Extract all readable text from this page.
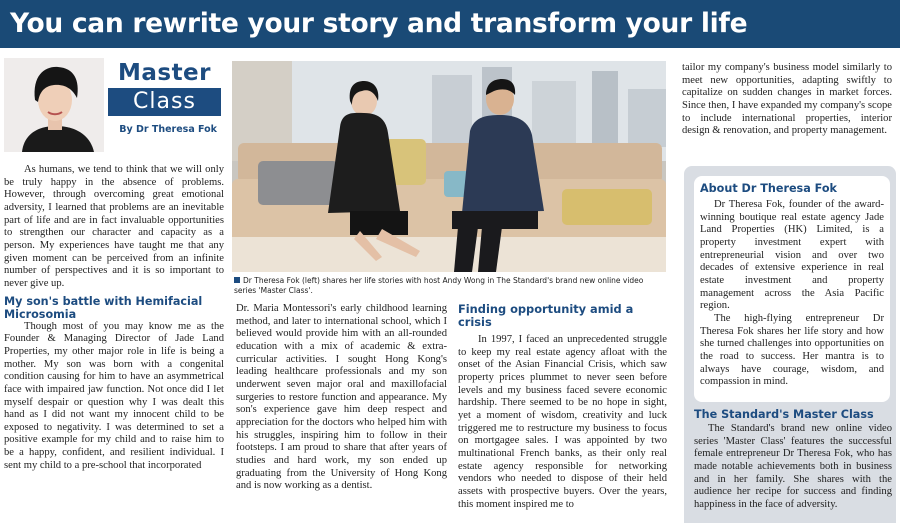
You can rewrite your story and transform your life
Master
Class
By Dr Theresa Fok

As humans, we tend to think that we will only be truly happy in the absence of problems. However, through overcoming great emotional adversity, I learned that problems are an inevitable part of life and are in fact invaluable opportunities to strengthen our character and capacity as a person. My experiences have taught me that any given moment can be perceived from an infinite number of perspectives and it is so important to never give up.

My son's battle with Hemifacial Microsomia

Though most of you may know me as the Founder & Managing Director of Jade Land Properties, my other major role in life is being a mother. My son was born with a congenital condition causing for him to have an asymmetrical face with impaired jaw function. Not once did I let myself despair or question why I was dealt this hand as I did not want my innocent child to be exposed to negativity. I was determined to set a positive example for my child and to raise him to be a happy, confident, and resilient individual. I sent my child to a pre-school that incorporated

Dr Theresa Fok (left) shares her life stories with host Andy Wong in The Standard's brand new online video series 'Master Class'.

Dr. Maria Montessori's early childhood learning method, and later to international school, which I believed would provide him with an all-rounded education with a mix of academic & extra-curricular activities. I sought Hong Kong's leading healthcare professionals and my son underwent seven major oral and maxillofacial surgeries to restore function and appearance. My son's experience gave him deep respect and appreciation for the doctors who helped him with his struggles, inspiring him to follow in their footsteps. I am proud to share that after years of studies and hard work, my son ended up graduating from the University of Hong Kong and is now working as a dentist.

Finding opportunity amid a crisis

In 1997, I faced an unprecedented struggle to keep my real estate agency afloat with the onset of the Asian Financial Crisis, which saw property prices plummet to never seen before levels and my business faced severe economic hardship. There seemed to be no hope in sight, yet a moment of wisdom, creativity and luck triggered me to restructure my business to focus on mortgagee sales. I was appointed by two multinational French banks, as their only real estate agency responsible for networking vendors who needed to dispose of their held assets with prospective buyers. Over the years, this moment inspired me to

tailor my company's business model similarly to meet new opportunities, adapting swiftly to capitalize on sudden changes in market forces. Since then, I have expanded my company's scope to include international properties, interior design & renovation, and property management.

About Dr Theresa Fok

Dr Theresa Fok, founder of the award-winning boutique real estate agency Jade Land Properties (HK) Limited, is a property investment expert with entrepreneurial vision and over two decades of extensive experience in real estate investment and property management across the Asia Pacific region.

The high-flying entrepreneur Dr Theresa Fok shares her life story and how she turned challenges into opportunities on the road to success. Her mantra is to always have courage, wisdom, and compassion in mind.

The Standard's Master Class

The Standard's brand new online video series 'Master Class' features the successful female entrepreneur Dr Theresa Fok, who has made notable achievements both in business and in her family. She shares with the audience her recipe for success and finding happiness in the face of adversity.
